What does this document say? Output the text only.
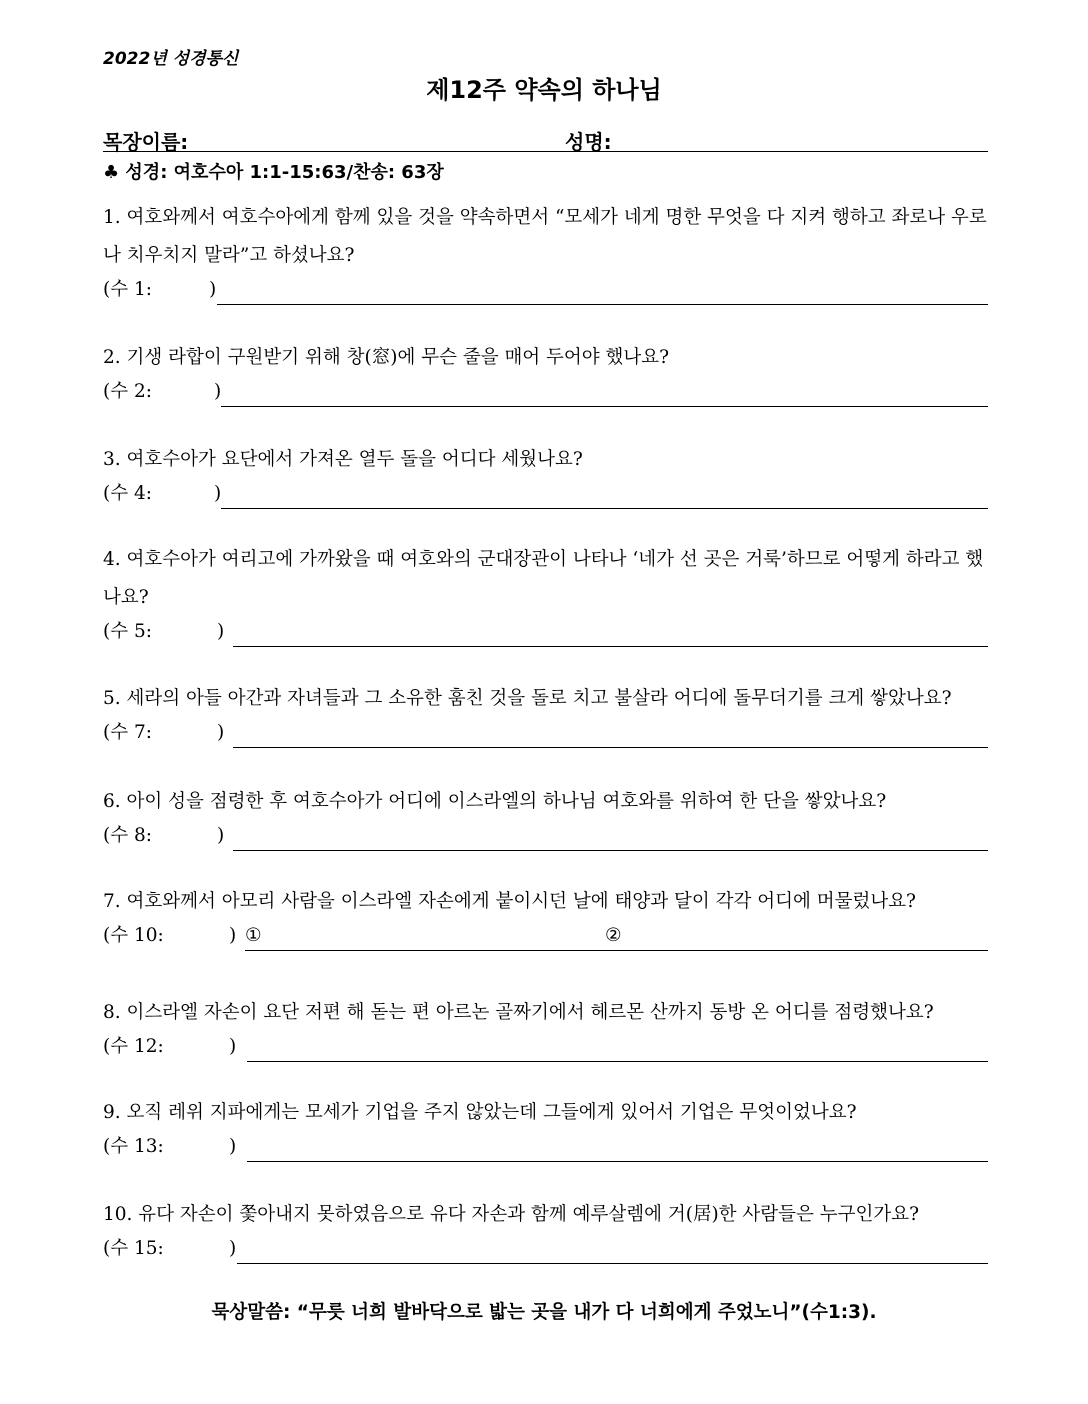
2022년 성경통신
제12주 약속의 하나님
목장이름:	성명:
♣ 성경: 여호수아 1:1-15:63/찬송: 63장
1. 여호와께서 여호수아에게 함께 있을 것을 약속하면서 “모세가 네게 명한 무엇을 다 지켜 행하고 좌로나 우로나 치우치지 말라”고 하셨나요?
(수 1:	)
2. 기생 라합이 구원받기 위해 창(窓)에 무슨 줄을 매어 두어야 했나요?
(수 2:	)
3. 여호수아가 요단에서 가져온 열두 돌을 어디다 세웠나요?
(수 4:	)
4. 여호수아가 여리고에 가까왔을 때 여호와의 군대장관이 나타나 ‘네가 선 곳은 거룩’하므로 어떻게 하라고 했나요?
(수 5:	)
5. 세라의 아들 아간과 자녀들과 그 소유한 훔친 것을 돌로 치고 불살라 어디에 돌무더기를 크게 쌓았나요?
(수 7:	)
6. 아이 성을 점령한 후 여호수아가 어디에 이스라엘의 하나님 여호와를 위하여 한 단을 쌓았나요?
(수 8:	)
7. 여호와께서 아모리 사람을 이스라엘 자손에게 붙이시던 날에 태양과 달이 각각 어디에 머물렀나요?
(수 10:	) ①	②
8. 이스라엘 자손이 요단 저편 해 돋는 편 아르논 골짜기에서 헤르몬 산까지 동방 온 어디를 점령했나요?
(수 12:	)
9. 오직 레위 지파에게는 모세가 기업을 주지 않았는데 그들에게 있어서 기업은 무엇이었나요?
(수 13:	)
10. 유다 자손이 쫓아내지 못하였음으로 유다 자손과 함께 예루살렘에 거(居)한 사람들은 누구인가요?
(수 15:	)
묵상말씀: “무릇 너희 발바닥으로 밟는 곳을 내가 다 너희에게 주었노니”(수1:3).
